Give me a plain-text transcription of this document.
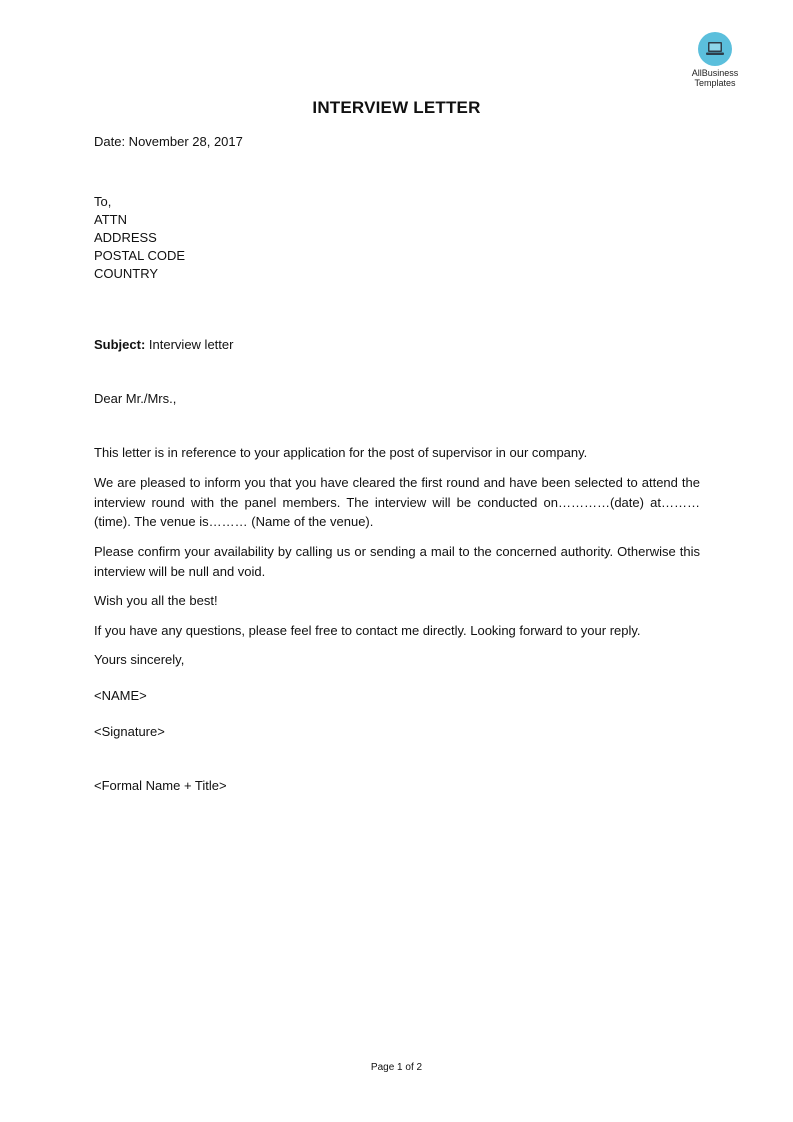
AllBusiness
Templates
INTERVIEW LETTER
Date: November 28, 2017
To,
ATTN
ADDRESS
POSTAL CODE
COUNTRY
Subject: Interview letter
Dear Mr./Mrs.,
This letter is in reference to your application for the post of supervisor in our company.
We are pleased to inform you that you have cleared the first round and have been selected to attend the interview round with the panel members. The interview will be conducted on…………(date) at………(time). The venue is……… (Name of the venue).
Please confirm your availability by calling us or sending a mail to the concerned authority. Otherwise this interview will be null and void.
Wish you all the best!
If you have any questions, please feel free to contact me directly. Looking forward to your reply.
Yours sincerely,
<NAME>
<Signature>
<Formal Name + Title>
Page 1 of 2
